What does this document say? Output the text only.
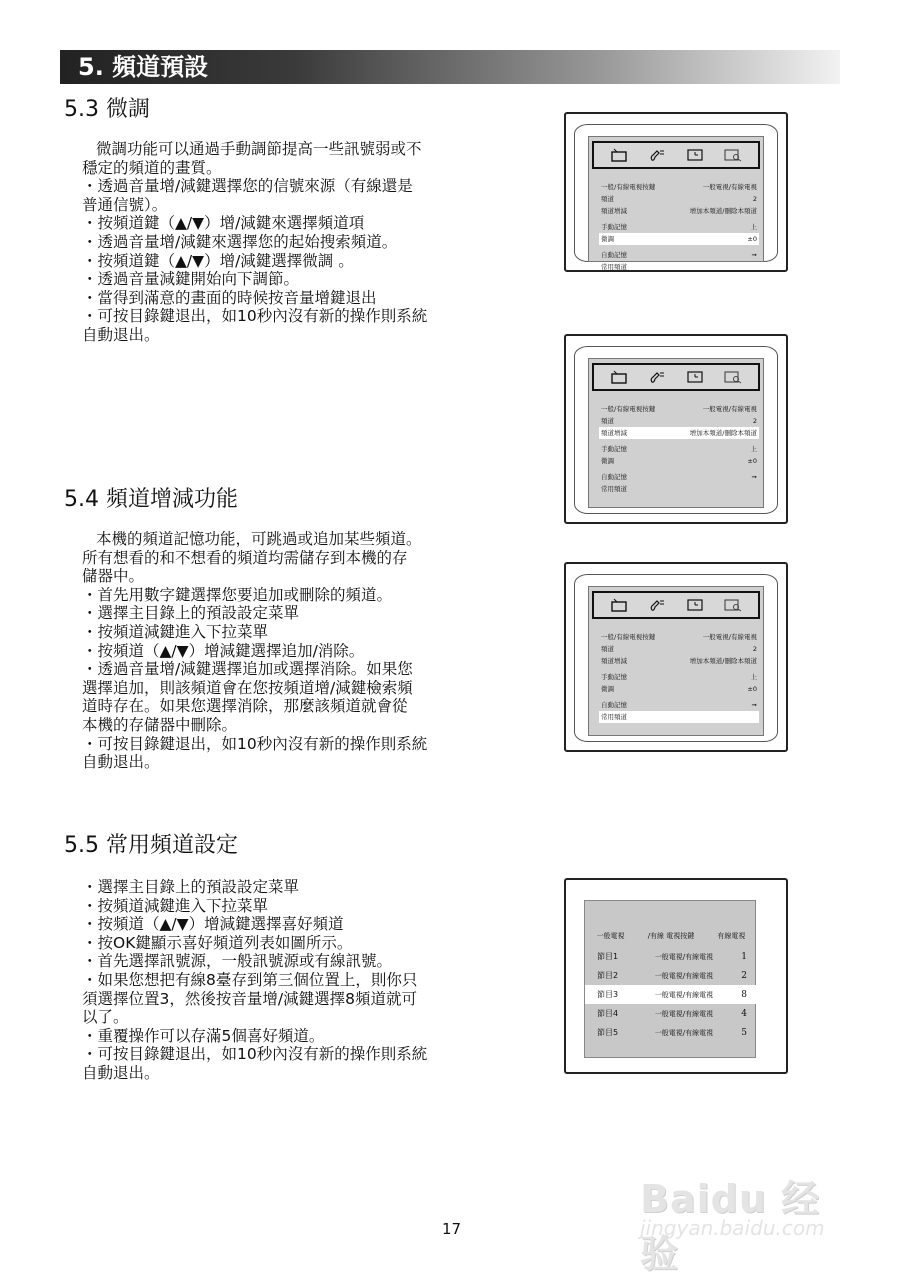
5. 頻道預設
5.3 微調

微調功能可以通過手動調節提高一些訊號弱或不

穩定的頻道的畫質。

・透過音量增/減鍵選擇您的信號來源（有線還是

普通信號）。

・按頻道鍵（▲/▼）增/減鍵來選擇頻道項

・透過音量增/減鍵來選擇您的起始搜索頻道。

・按頻道鍵（▲/▼）增/減鍵選擇微調 。

・透過音量減鍵開始向下調節。

・當得到滿意的畫面的時候按音量增鍵退出

・可按目錄鍵退出，如10秒內沒有新的操作則系統

自動退出。

5.4 頻道增減功能

本機的頻道記憶功能，可跳過或追加某些頻道。

所有想看的和不想看的頻道均需儲存到本機的存

儲器中。

・首先用數字鍵選擇您要追加或刪除的頻道。

・選擇主目錄上的預設設定菜單

・按頻道減鍵進入下拉菜單

・按頻道（▲/▼）增減鍵選擇追加/消除。

・透過音量增/減鍵選擇追加或選擇消除。如果您

選擇追加，則該頻道會在您按頻道增/減鍵檢索頻

道時存在。如果您選擇消除，那麼該頻道就會從

本機的存儲器中刪除。

・可按目錄鍵退出，如10秒內沒有新的操作則系統

自動退出。

5.5 常用頻道設定

・選擇主目錄上的預設設定菜單

・按頻道減鍵進入下拉菜單

・按頻道（▲/▼）增減鍵選擇喜好頻道

・按OK鍵顯示喜好頻道列表如圖所示。

・首先選擇訊號源，一般訊號源或有線訊號。

・如果您想把有線8臺存到第三個位置上，則你只

須選擇位置3，然後按音量增/減鍵選擇8頻道就可

以了。

・重覆操作可以存滿5個喜好頻道。

・可按目錄鍵退出，如10秒內沒有新的操作則系統

自動退出。

一般/有線電視按鍵	一般電視/有線電視
頻道	2
頻道增減	增加本頻道/刪除本頻道
手動記憶	上
微調	±0
自動記憶	➞
常用頻道
一般/有線電視按鍵	一般電視/有線電視
頻道	2
頻道增減	增加本頻道/刪除本頻道
手動記憶	上
微調	±0
自動記憶	➞
常用頻道
一般/有線電視按鍵	一般電視/有線電視
頻道	2
頻道增減	增加本頻道/刪除本頻道
手動記憶	上
微調	±0
自動記憶	➞
常用頻道
一般電視	/有線 電視按鍵	有線電視
節目1	一般電視/有線電視	1
節目2	一般電視/有線電視	2
節目3	一般電視/有線電視	8
節目4	一般電視/有線電視	4
節目5	一般電視/有線電視	5
17
Baidu 经验
jingyan.baidu.com
